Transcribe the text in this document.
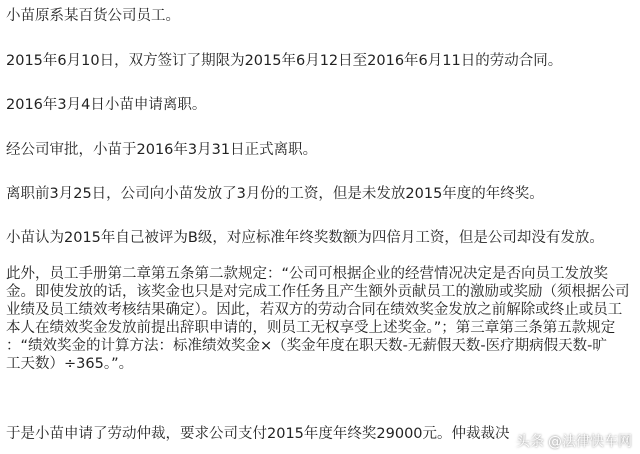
小苗原系某百货公司员工。
2015年6月10日，双方签订了期限为2015年6月12日至2016年6月11日的劳动合同。
2016年3月4日小苗申请离职。
经公司审批，小苗于2016年3月31日正式离职。
离职前3月25日，公司向小苗发放了3月份的工资，但是未发放2015年度的年终奖。
小苗认为2015年自己被评为B级，对应标准年终奖数额为四倍月工资，但是公司却没有发放。
此外，员工手册第二章第五条第二款规定：“公司可根据企业的经营情况决定是否向员工发放奖
金。即使发放的话，该奖金也只是对完成工作任务且产生额外贡献员工的激励或奖励（须根据公司
业绩及员工绩效考核结果确定）。因此，若双方的劳动合同在绩效奖金发放之前解除或终止或员工
本人在绩效奖金发放前提出辞职申请的，则员工无权享受上述奖金。”；第三章第三条第五款规定
：“绩效奖金的计算方法：标准绩效奖金×（奖金年度在职天数-无薪假天数-医疗期病假天数-旷
工天数）÷365。”。
于是小苗申请了劳动仲裁，要求公司支付2015年度年终奖29000元。仲裁裁决 头条 @法律快车网
